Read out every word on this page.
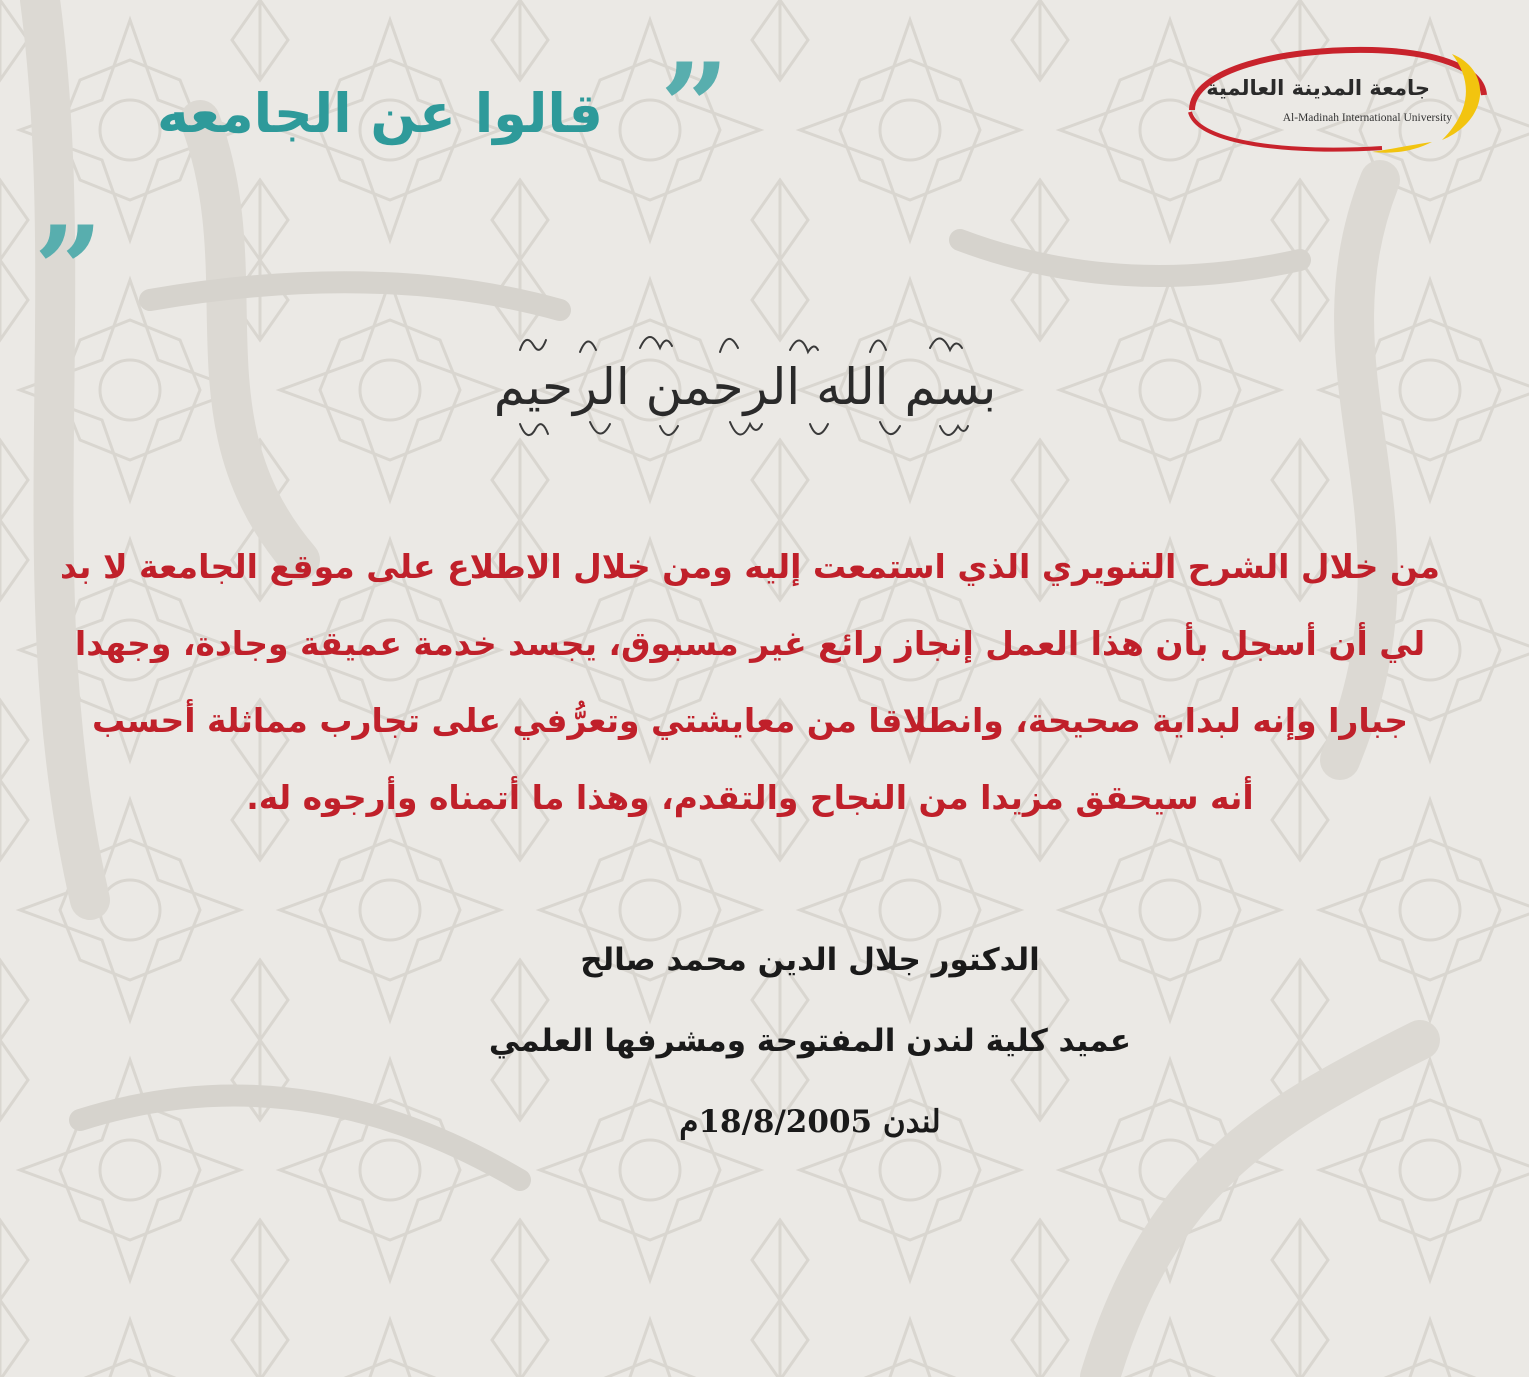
جامعة المدينة العالمية
Al-Madinah International University
”
قالوا عن الجامعه
„
بسم الله الرحمن الرحيم

من خلال الشرح التنويري الذي استمعت إليه ومن خلال الاطلاع على موقع الجامعة لا بد

لي أن أسجل بأن هذا العمل إنجاز رائع غير مسبوق، يجسد خدمة عميقة وجادة، وجهدا

جبارا وإنه لبداية صحيحة، وانطلاقا من معايشتي وتعرُّفي على تجارب مماثلة أحسب

أنه سيحقق مزيدا من النجاح والتقدم، وهذا ما أتمناه وأرجوه له.

الدكتور جلال الدين محمد صالح
عميد كلية لندن المفتوحة ومشرفها العلمي
لندن 18/8/2005م
